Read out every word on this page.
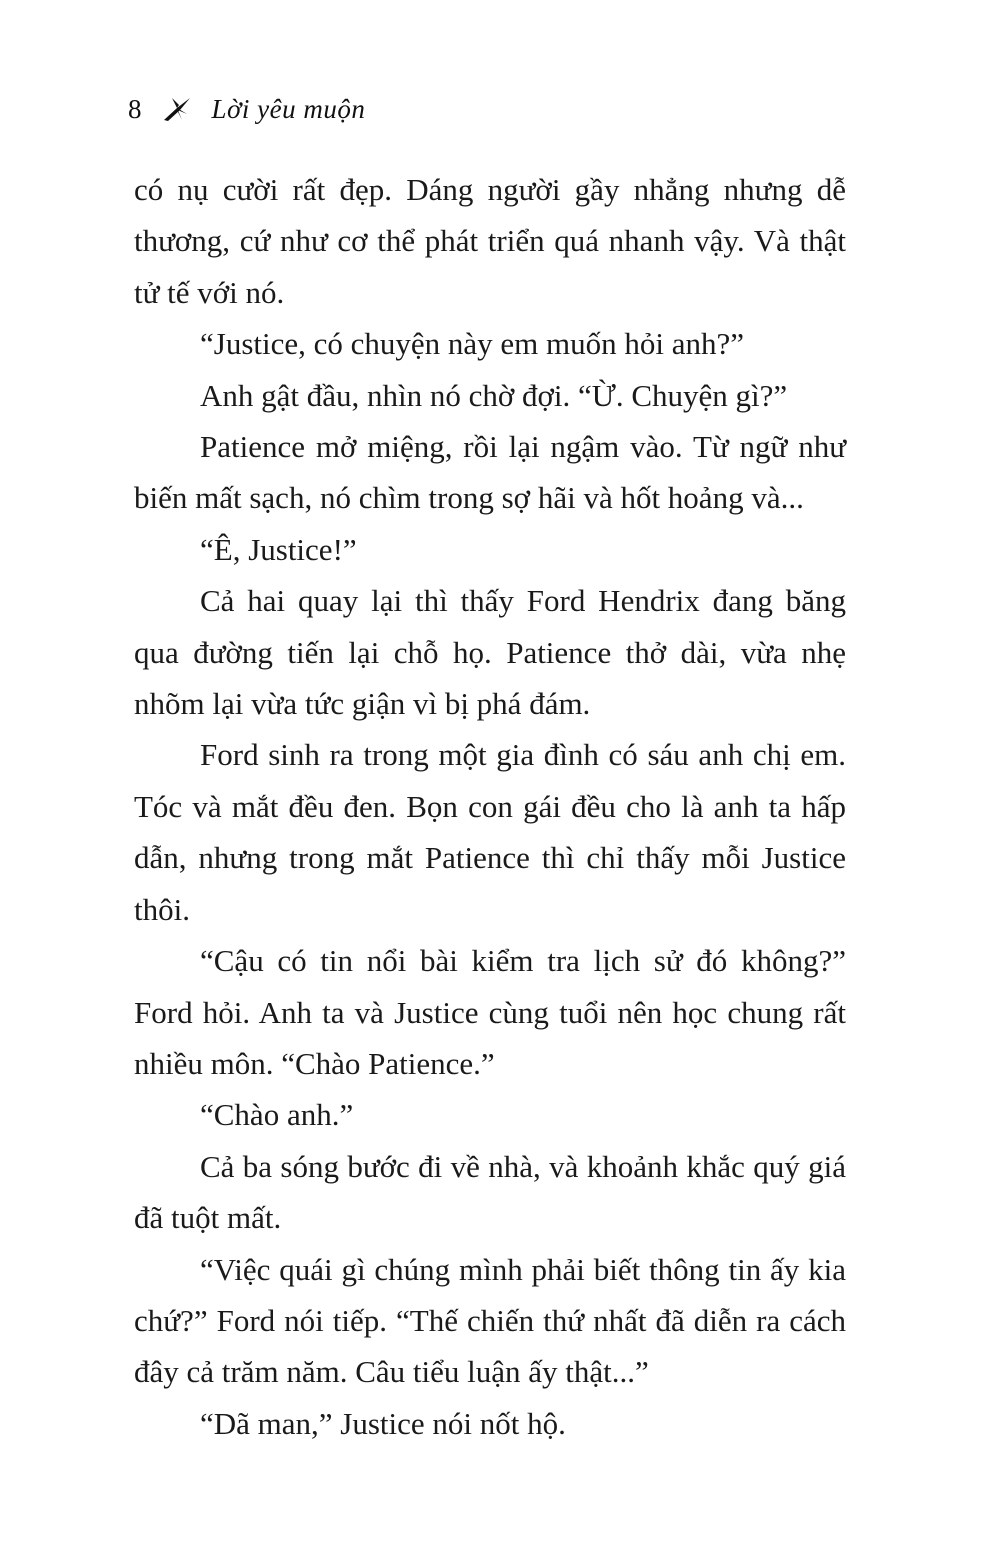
8	Lời yêu muộn

có nụ cười rất đẹp. Dáng người gầy nhẳng nhưng dễ thương, cứ như cơ thể phát triển quá nhanh vậy. Và thật tử tế với nó.

“Justice, có chuyện này em muốn hỏi anh?”

Anh gật đầu, nhìn nó chờ đợi. “Ừ. Chuyện gì?”

Patience mở miệng, rồi lại ngậm vào. Từ ngữ như biến mất sạch, nó chìm trong sợ hãi và hốt hoảng và...

“Ê, Justice!”

Cả hai quay lại thì thấy Ford Hendrix đang băng qua đường tiến lại chỗ họ. Patience thở dài, vừa nhẹ nhõm lại vừa tức giận vì bị phá đám.

Ford sinh ra trong một gia đình có sáu anh chị em. Tóc và mắt đều đen. Bọn con gái đều cho là anh ta hấp dẫn, nhưng trong mắt Patience thì chỉ thấy mỗi Justice thôi.

“Cậu có tin nổi bài kiểm tra lịch sử đó không?” Ford hỏi. Anh ta và Justice cùng tuổi nên học chung rất nhiều môn. “Chào Patience.”

“Chào anh.”

Cả ba sóng bước đi về nhà, và khoảnh khắc quý giá đã tuột mất.

“Việc quái gì chúng mình phải biết thông tin ấy kia chứ?” Ford nói tiếp. “Thế chiến thứ nhất đã diễn ra cách đây cả trăm năm. Câu tiểu luận ấy thật...”

“Dã man,” Justice nói nốt hộ.
